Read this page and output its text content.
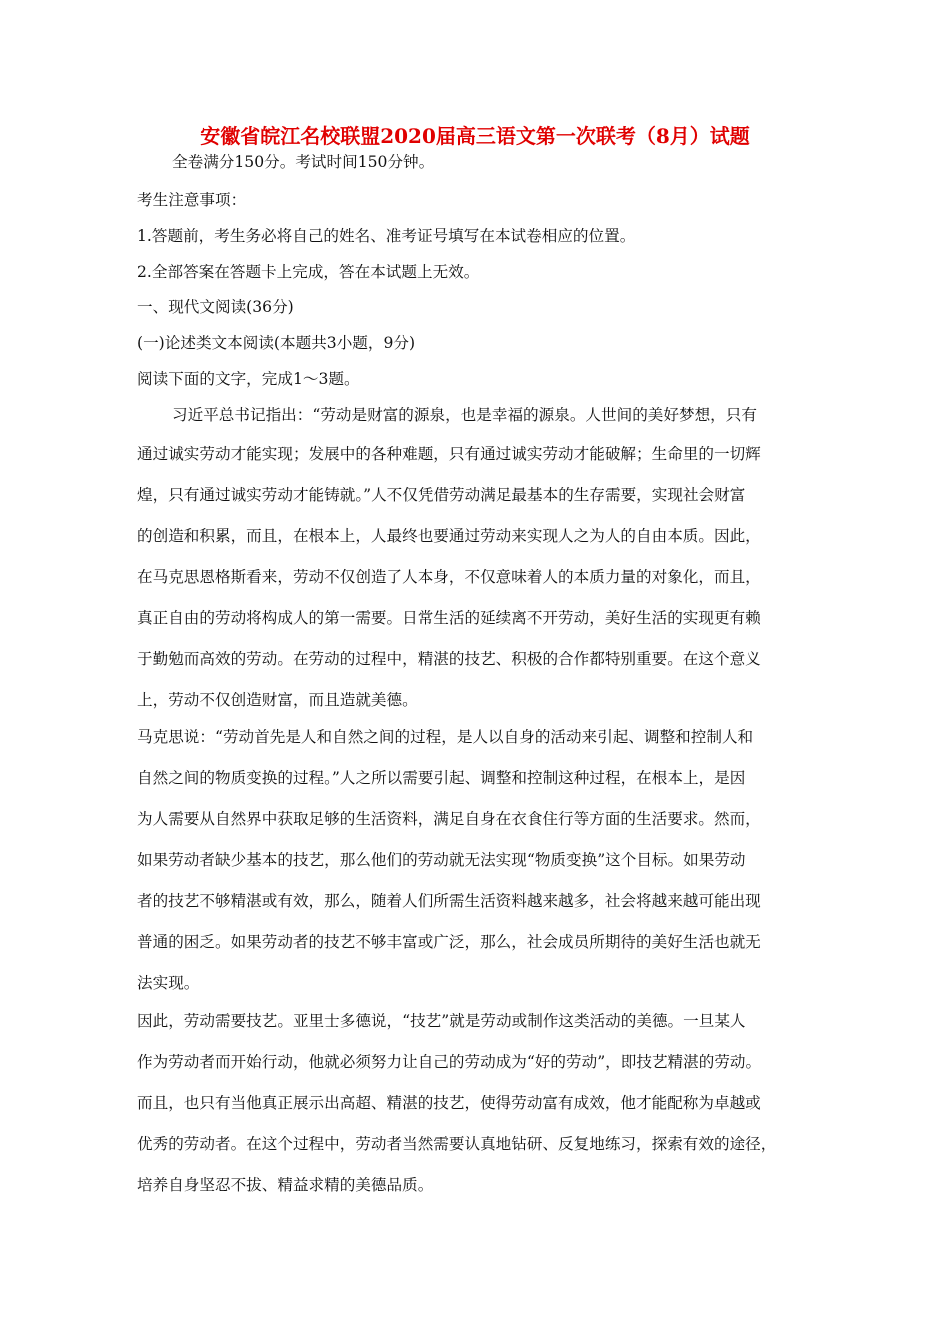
安徽省皖江名校联盟2020届高三语文第一次联考（8月）试题
全卷满分150分。考试时间150分钟。
考生注意事项：
1.答题前，考生务必将自己的姓名、准考证号填写在本试卷相应的位置。
2.全部答案在答题卡上完成，答在本试题上无效。
一、现代文阅读(36分)
(一)论述类文本阅读(本题共3小题，9分)
阅读下面的文字，完成1～3题。
习近平总书记指出：“劳动是财富的源泉，也是幸福的源泉。人世间的美好梦想，只有
通过诚实劳动才能实现；发展中的各种难题，只有通过诚实劳动才能破解；生命里的一切辉
煌，只有通过诚实劳动才能铸就。”人不仅凭借劳动满足最基本的生存需要，实现社会财富
的创造和积累，而且，在根本上，人最终也要通过劳动来实现人之为人的自由本质。因此，
在马克思恩格斯看来，劳动不仅创造了人本身，不仅意味着人的本质力量的对象化，而且，
真正自由的劳动将构成人的第一需要。日常生活的延续离不开劳动，美好生活的实现更有赖
于勤勉而高效的劳动。在劳动的过程中，精湛的技艺、积极的合作都特别重要。在这个意义
上，劳动不仅创造财富，而且造就美德。
马克思说：“劳动首先是人和自然之间的过程，是人以自身的活动来引起、调整和控制人和
自然之间的物质变换的过程。”人之所以需要引起、调整和控制这种过程，在根本上，是因
为人需要从自然界中获取足够的生活资料，满足自身在衣食住行等方面的生活要求。然而，
如果劳动者缺少基本的技艺，那么他们的劳动就无法实现“物质变换”这个目标。如果劳动
者的技艺不够精湛或有效，那么，随着人们所需生活资料越来越多，社会将越来越可能出现
普通的困乏。如果劳动者的技艺不够丰富或广泛，那么，社会成员所期待的美好生活也就无
法实现。
因此，劳动需要技艺。亚里士多德说，“技艺”就是劳动或制作这类活动的美德。一旦某人
作为劳动者而开始行动，他就必须努力让自己的劳动成为“好的劳动”，即技艺精湛的劳动。
而且，也只有当他真正展示出高超、精湛的技艺，使得劳动富有成效，他才能配称为卓越或
优秀的劳动者。在这个过程中，劳动者当然需要认真地钻研、反复地练习，探索有效的途径，
培养自身坚忍不拔、精益求精的美德品质。
